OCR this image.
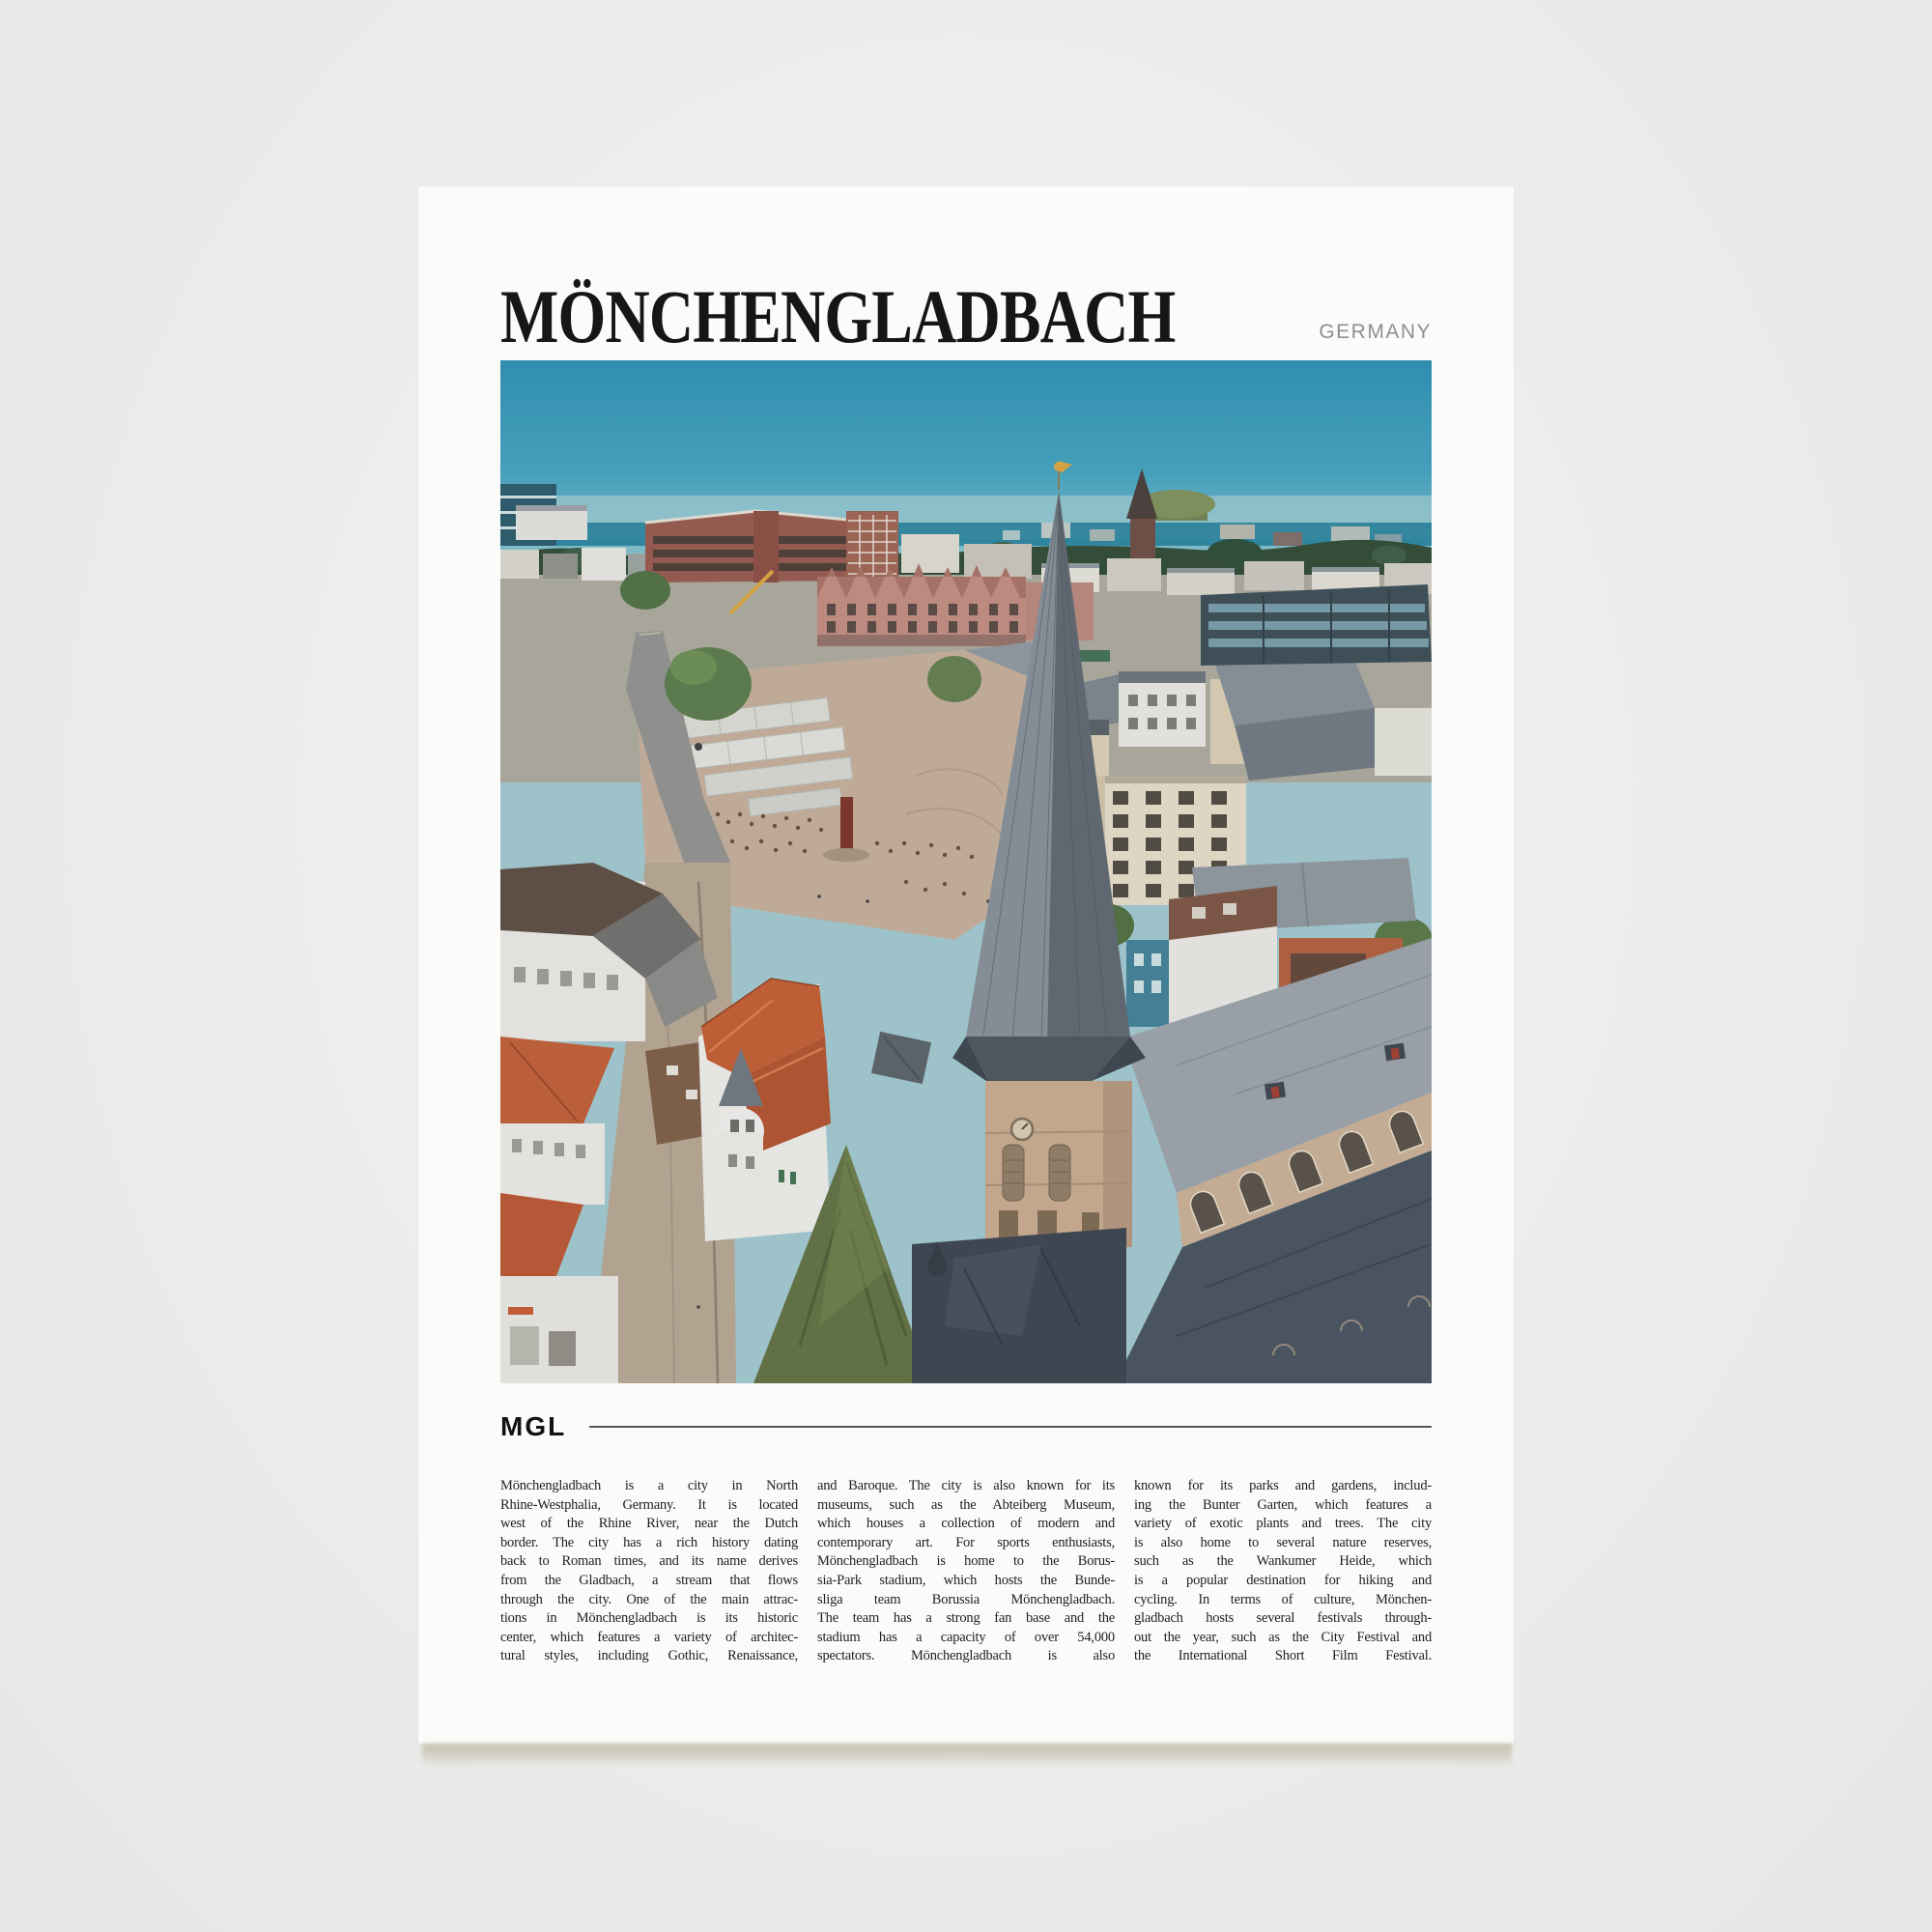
MÖNCHENGLADBACH	GERMANY
MGL
Mönchengladbach is a city in North
Rhine-Westphalia, Germany. It is located
west of the Rhine River, near the Dutch
border. The city has a rich history dating
back to Roman times, and its name derives
from the Gladbach, a stream that flows
through the city. One of the main attrac-
tions in Mönchengladbach is its historic
center, which features a variety of architec-
tural styles, including Gothic, Renaissance,
and Baroque. The city is also known for its
museums, such as the Abteiberg Museum,
which houses a collection of modern and
contemporary art. For sports enthusiasts,
Mönchengladbach is home to the Borus-
sia-Park stadium, which hosts the Bunde-
sliga team Borussia Mönchengladbach.
The team has a strong fan base and the
stadium has a capacity of over 54,000
spectators. Mönchengladbach is also
known for its parks and gardens, includ-
ing the Bunter Garten, which features a
variety of exotic plants and trees. The city
is also home to several nature reserves,
such as the Wankumer Heide, which
is a popular destination for hiking and
cycling. In terms of culture, Mönchen-
gladbach hosts several festivals through-
out the year, such as the City Festival and
the International Short Film Festival.
